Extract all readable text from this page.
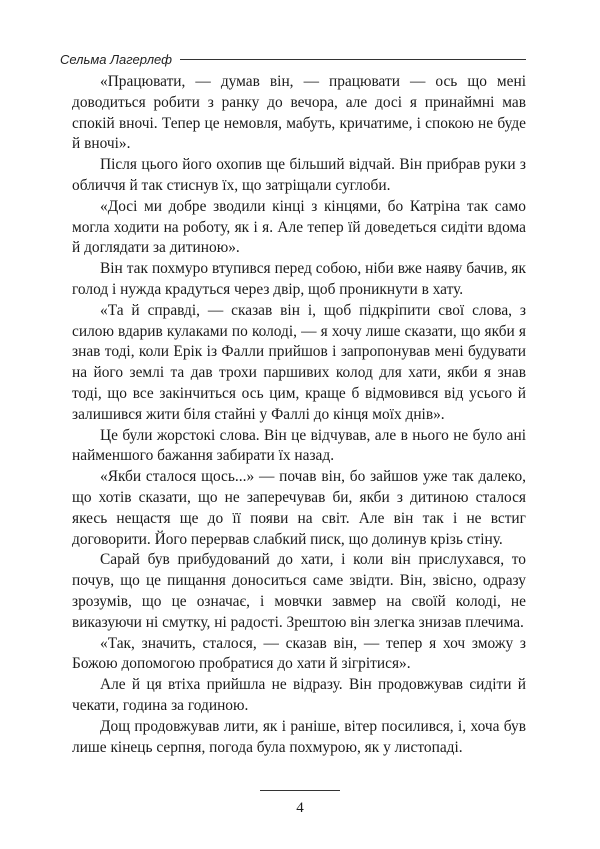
Сельма Лагерлеф

«Працювати, — думав він, — працювати — ось що мені доводиться робити з ранку до вечора, але досі я принаймні мав спокій вночі. Тепер це немовля, мабуть, кричатиме, і спокою не буде й вночі».

Після цього його охопив ще більший відчай. Він прибрав руки з обличчя й так стиснув їх, що затріщали суглоби.

«Досі ми добре зводили кінці з кінцями, бо Катріна так само могла ходити на роботу, як і я. Але тепер їй доведеться сидіти вдома й доглядати за дитиною».

Він так похмуро втупився перед собою, ніби вже наяву бачив, як голод і нужда крадуться через двір, щоб проникнути в хату.

«Та й справді, — сказав він і, щоб підкріпити свої слова, з силою вдарив кулаками по колоді, — я хочу лише сказати, що якби я знав тоді, коли Ерік із Фалли прийшов і запропонував мені будувати на його землі та дав трохи паршивих колод для хати, якби я знав тоді, що все закінчиться ось цим, краще б відмовився від усього й залишився жити біля стайні у Фаллі до кінця моїх днів».

Це були жорстокі слова. Він це відчував, але в нього не було ані найменшого бажання забирати їх назад.

«Якби сталося щось...» — почав він, бо зайшов уже так далеко, що хотів сказати, що не заперечував би, якби з дитиною сталося якесь нещастя ще до її появи на світ. Але він так і не встиг договорити. Його перервав слабкий писк, що долинув крізь стіну.

Сарай був прибудований до хати, і коли він прислухався, то почув, що це пищання доноситься саме звідти. Він, звісно, одразу зрозумів, що це означає, і мовчки завмер на своїй колоді, не виказуючи ні смутку, ні радості. Зрештою він злегка знизав плечима.

«Так, значить, сталося, — сказав він, — тепер я хоч зможу з Божою допомогою пробратися до хати й зігрітися».

Але й ця втіха прийшла не відразу. Він продовжував сидіти й чекати, година за годиною.

Дощ продовжував лити, як і раніше, вітер посилився, і, хоча був лише кінець серпня, погода була похмурою, як у листопаді.

4
